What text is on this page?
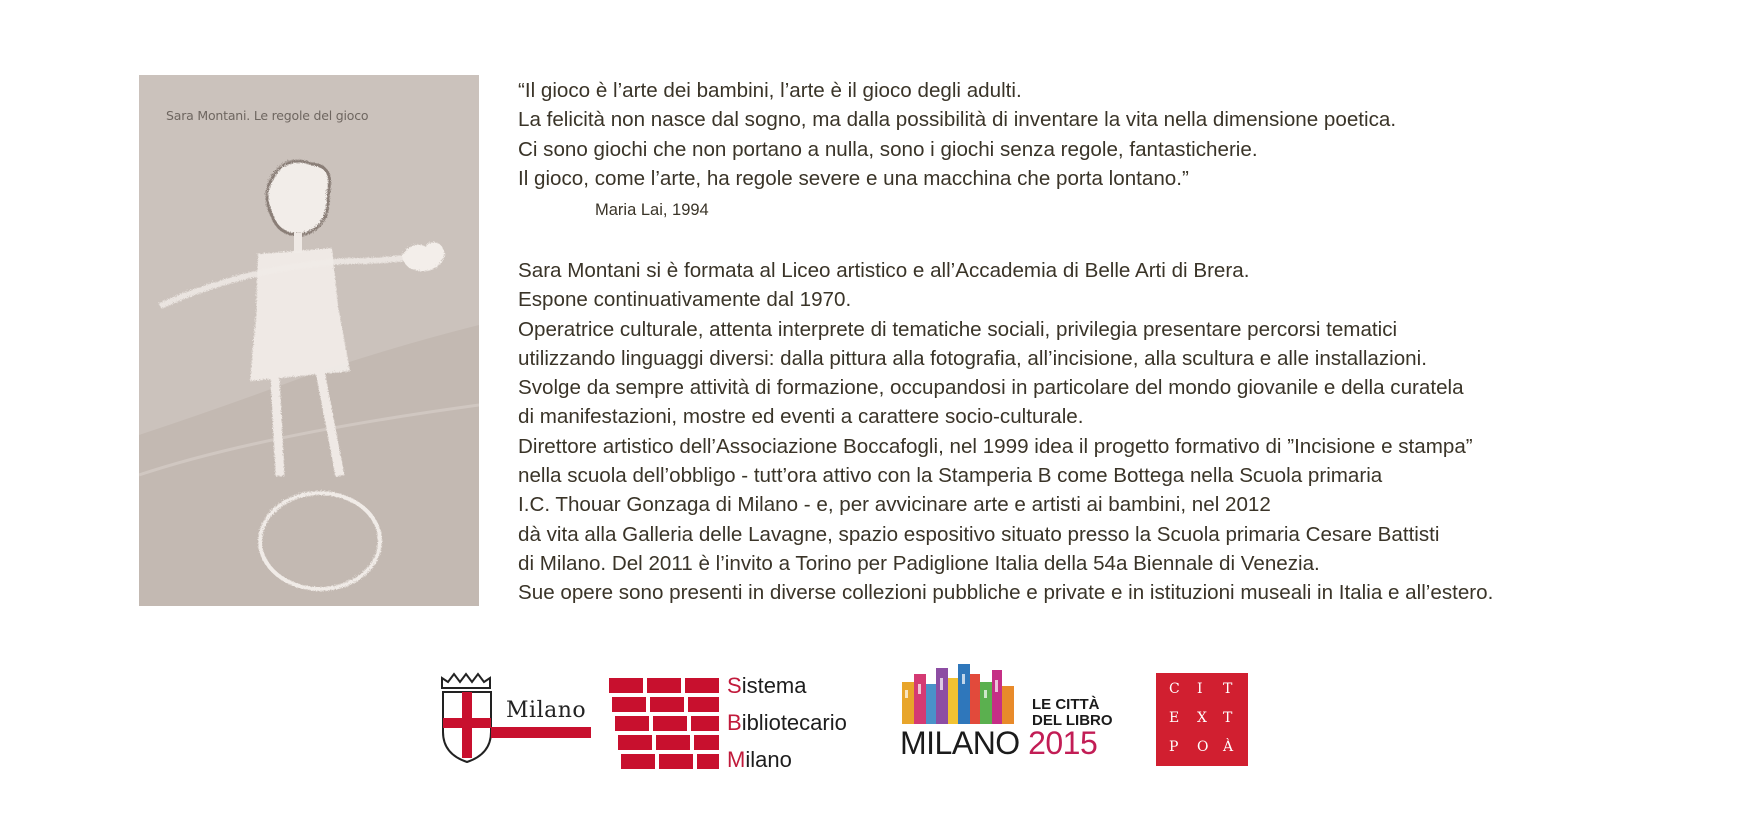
Sara Montani. Le regole del gioco
“Il gioco è l’arte dei bambini, l’arte è il gioco degli adulti.
La felicità non nasce dal sogno, ma dalla possibilità di inventare la vita nella dimensione poetica.
Ci sono giochi che non portano a nulla, sono i giochi senza regole, fantasticherie.
Il gioco, come l’arte, ha regole severe e una macchina che porta lontano.”
Maria Lai, 1994
Sara Montani si è formata al Liceo artistico e all’Accademia di Belle Arti di Brera.
Espone continuativamente dal 1970.
Operatrice culturale, attenta interprete di tematiche sociali, privilegia presentare percorsi tematici
utilizzando linguaggi diversi: dalla pittura alla fotografia, all’incisione, alla scultura e alle installazioni.
Svolge da sempre attività di formazione, occupandosi in particolare del mondo giovanile e della curatela
di manifestazioni, mostre ed eventi a carattere socio-culturale.
Direttore artistico dell’Associazione Boccafogli, nel 1999 idea il progetto formativo di ”Incisione e stampa”
nella scuola dell’obbligo - tutt’ora attivo con la Stamperia B come Bottega nella Scuola primaria
I.C. Thouar Gonzaga di Milano - e, per avvicinare arte e artisti ai bambini, nel 2012
dà vita alla Galleria delle Lavagne, spazio espositivo situato presso la Scuola primaria Cesare Battisti
di Milano. Del 2011 è l’invito a Torino per Padiglione Italia della 54a Biennale di Venezia.
Sue opere sono presenti in diverse collezioni pubbliche e private e in istituzioni museali in Italia e all’estero.
Milano
Sistema
Bibliotecario
Milano
LE CITTÀ
DEL LIBRO
MILANO 2015
C I T
E X T
P O À
